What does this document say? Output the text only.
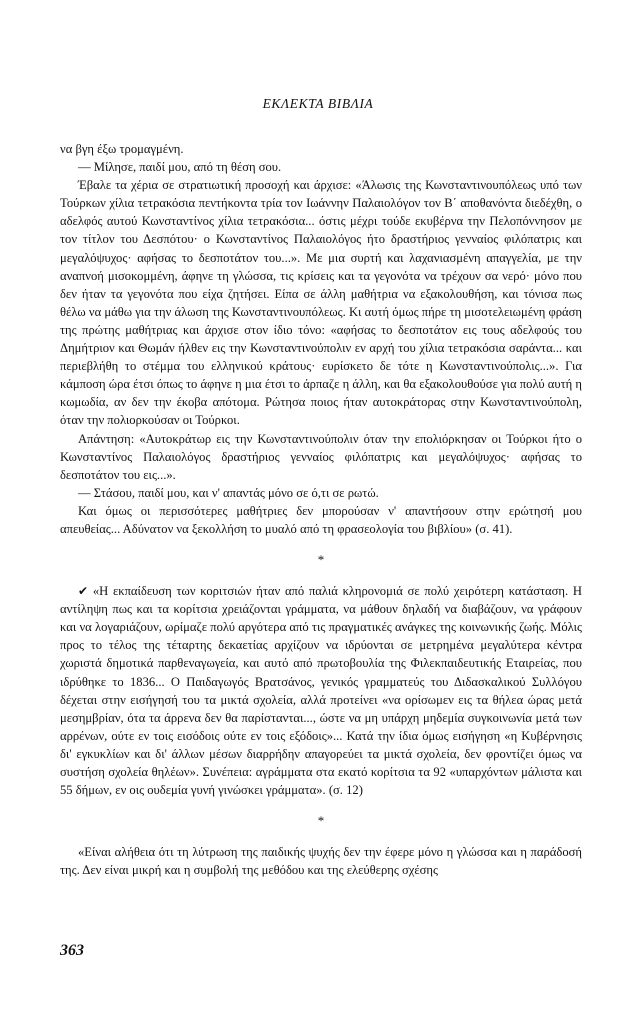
ΕΚΛΕΚΤΑ ΒΙΒΛΙΑ

να βγη έξω τρομαγμένη.

— Μίλησε, παιδί μου, από τη θέση σου.

Έβαλε τα χέρια σε στρατιωτική προσοχή και άρχισε: «Άλωσις της Κωνσταντινουπόλεως υπό των Τούρκων χίλια τετρακόσια πεντήκοντα τρία τον Ιωάννην Παλαιολόγον τον Β΄ αποθανόντα διεδέχθη, ο αδελφός αυτού Κωνσταντίνος χίλια τετρακόσια... όστις μέχρι τούδε εκυβέρνα την Πελοπόννησον με τον τίτλον του Δεσπότου· ο Κωνσταντίνος Παλαιολόγος ήτο δραστήριος γενναίος φιλόπατρις και μεγαλόψυχος· αφήσας το δεσποτάτον του...». Με μια συρτή και λαχανιασμένη απαγγελία, με την αναπνοή μισοκομμένη, άφηνε τη γλώσσα, τις κρίσεις και τα γεγονότα να τρέχουν σα νερό· μόνο που δεν ήταν τα γεγονότα που είχα ζητήσει. Είπα σε άλλη μαθήτρια να εξακολουθήση, και τόνισα πως θέλω να μάθω για την άλωση της Κωνσταντινουπόλεως. Κι αυτή όμως πήρε τη μισοτελειωμένη φράση της πρώτης μαθήτριας και άρχισε στον ίδιο τόνο: «αφήσας το δεσποτάτον εις τους αδελφούς του Δημήτριον και Θωμάν ήλθεν εις την Κωνσταντινούπολιν εν αρχή του χίλια τετρακόσια σαράντα... και περιεβλήθη το στέμμα του ελληνικού κράτους· ευρίσκετο δε τότε η Κωνσταντινούπολις...». Για κάμποση ώρα έτσι όπως το άφηνε η μια έτσι το άρπαζε η άλλη, και θα εξακολουθούσε για πολύ αυτή η κωμωδία, αν δεν την έκοβα απότομα. Ρώτησα ποιος ήταν αυτοκράτορας στην Κωνσταντινούπολη, όταν την πολιορκούσαν οι Τούρκοι.

Απάντηση: «Αυτοκράτωρ εις την Κωνσταντινούπολιν όταν την επολιόρκησαν οι Τούρκοι ήτο ο Κωνσταντίνος Παλαιολόγος δραστήριος γενναίος φιλόπατρις και μεγαλόψυχος· αφήσας το δεσποτάτον του εις...».

— Στάσου, παιδί μου, και ν' απαντάς μόνο σε ό,τι σε ρωτώ.

Και όμως οι περισσότερες μαθήτριες δεν μπορούσαν ν' απαντήσουν στην ερώτησή μου απευθείας... Αδύνατον να ξεκολλήση το μυαλό από τη φρασεολογία του βιβλίου» (σ. 41).

*

✔ «Η εκπαίδευση των κοριτσιών ήταν από παλιά κληρονομιά σε πολύ χειρότερη κατάσταση. Η αντίληψη πως και τα κορίτσια χρειάζονται γράμματα, να μάθουν δηλαδή να διαβάζουν, να γράφουν και να λογαριάζουν, ωρίμαζε πολύ αργότερα από τις πραγματικές ανάγκες της κοινωνικής ζωής. Μόλις προς το τέλος της τέταρτης δεκαετίας αρχίζουν να ιδρύονται σε μετρημένα μεγαλύτερα κέντρα χωριστά δημοτικά παρθεναγωγεία, και αυτό από πρωτοβουλία της Φιλεκπαιδευτικής Εταιρείας, που ιδρύθηκε το 1836... Ο Παιδαγωγός Βρατσάνος, γενικός γραμματεύς του Διδασκαλικού Συλλόγου δέχεται στην εισήγησή του τα μικτά σχολεία, αλλά προτείνει «να ορίσωμεν εις τα θήλεα ώρας μετά μεσημβρίαν, ότα τα άρρενα δεν θα παρίστανται..., ώστε να μη υπάρχη μηδεμία συγκοινωνία μετά των αρρένων, ούτε εν τοις εισόδοις ούτε εν τοις εξόδοις»... Κατά την ίδια όμως εισήγηση «η Κυβέρνησις δι' εγκυκλίων και δι' άλλων μέσων διαρρήδην απαγορεύει τα μικτά σχολεία, δεν φροντίζει όμως να συστήση σχολεία θηλέων». Συνέπεια: αγράμματα στα εκατό κορίτσια τα 92 «υπαρχόντων μάλιστα και 55 δήμων, εν οις ουδεμία γυνή γινώσκει γράμματα». (σ. 12)

*

«Είναι αλήθεια ότι τη λύτρωση της παιδικής ψυχής δεν την έφερε μόνο η γλώσσα και η παράδοσή της. Δεν είναι μικρή και η συμβολή της μεθόδου και της ελεύθερης σχέσης

363
